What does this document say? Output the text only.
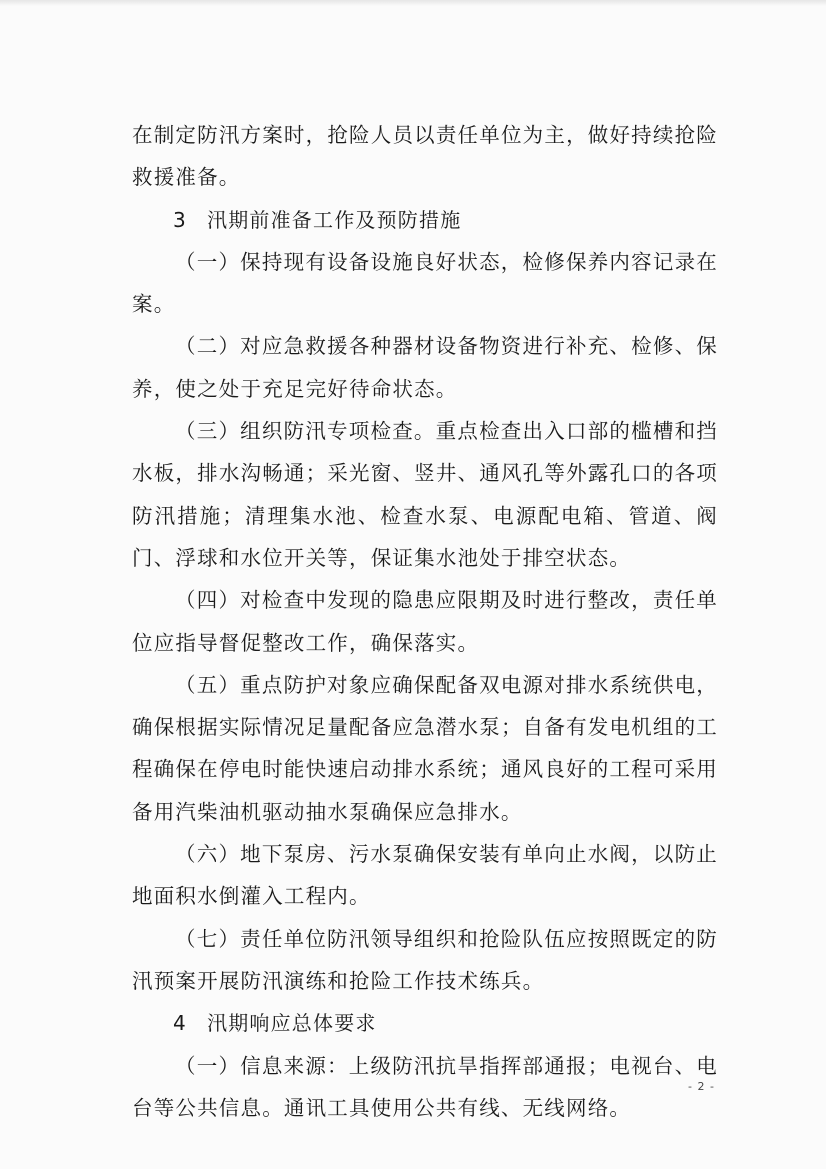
在制定防汛方案时，抢险人员以责任单位为主，做好持续抢险救援准备。

3 汛期前准备工作及预防措施

（一）保持现有设备设施良好状态，检修保养内容记录在案。

（二）对应急救援各种器材设备物资进行补充、检修、保养，使之处于充足完好待命状态。

（三）组织防汛专项检查。重点检查出入口部的槛槽和挡水板，排水沟畅通；采光窗、竖井、通风孔等外露孔口的各项防汛措施；清理集水池、检查水泵、电源配电箱、管道、阀门、浮球和水位开关等，保证集水池处于排空状态。

（四）对检查中发现的隐患应限期及时进行整改，责任单位应指导督促整改工作，确保落实。

（五）重点防护对象应确保配备双电源对排水系统供电，确保根据实际情况足量配备应急潜水泵；自备有发电机组的工程确保在停电时能快速启动排水系统；通风良好的工程可采用备用汽柴油机驱动抽水泵确保应急排水。

（六）地下泵房、污水泵确保安装有单向止水阀，以防止地面积水倒灌入工程内。

（七）责任单位防汛领导组织和抢险队伍应按照既定的防汛预案开展防汛演练和抢险工作技术练兵。

4 汛期响应总体要求

（一）信息来源：上级防汛抗旱指挥部通报；电视台、电台等公共信息。通讯工具使用公共有线、无线网络。

- 2 -
